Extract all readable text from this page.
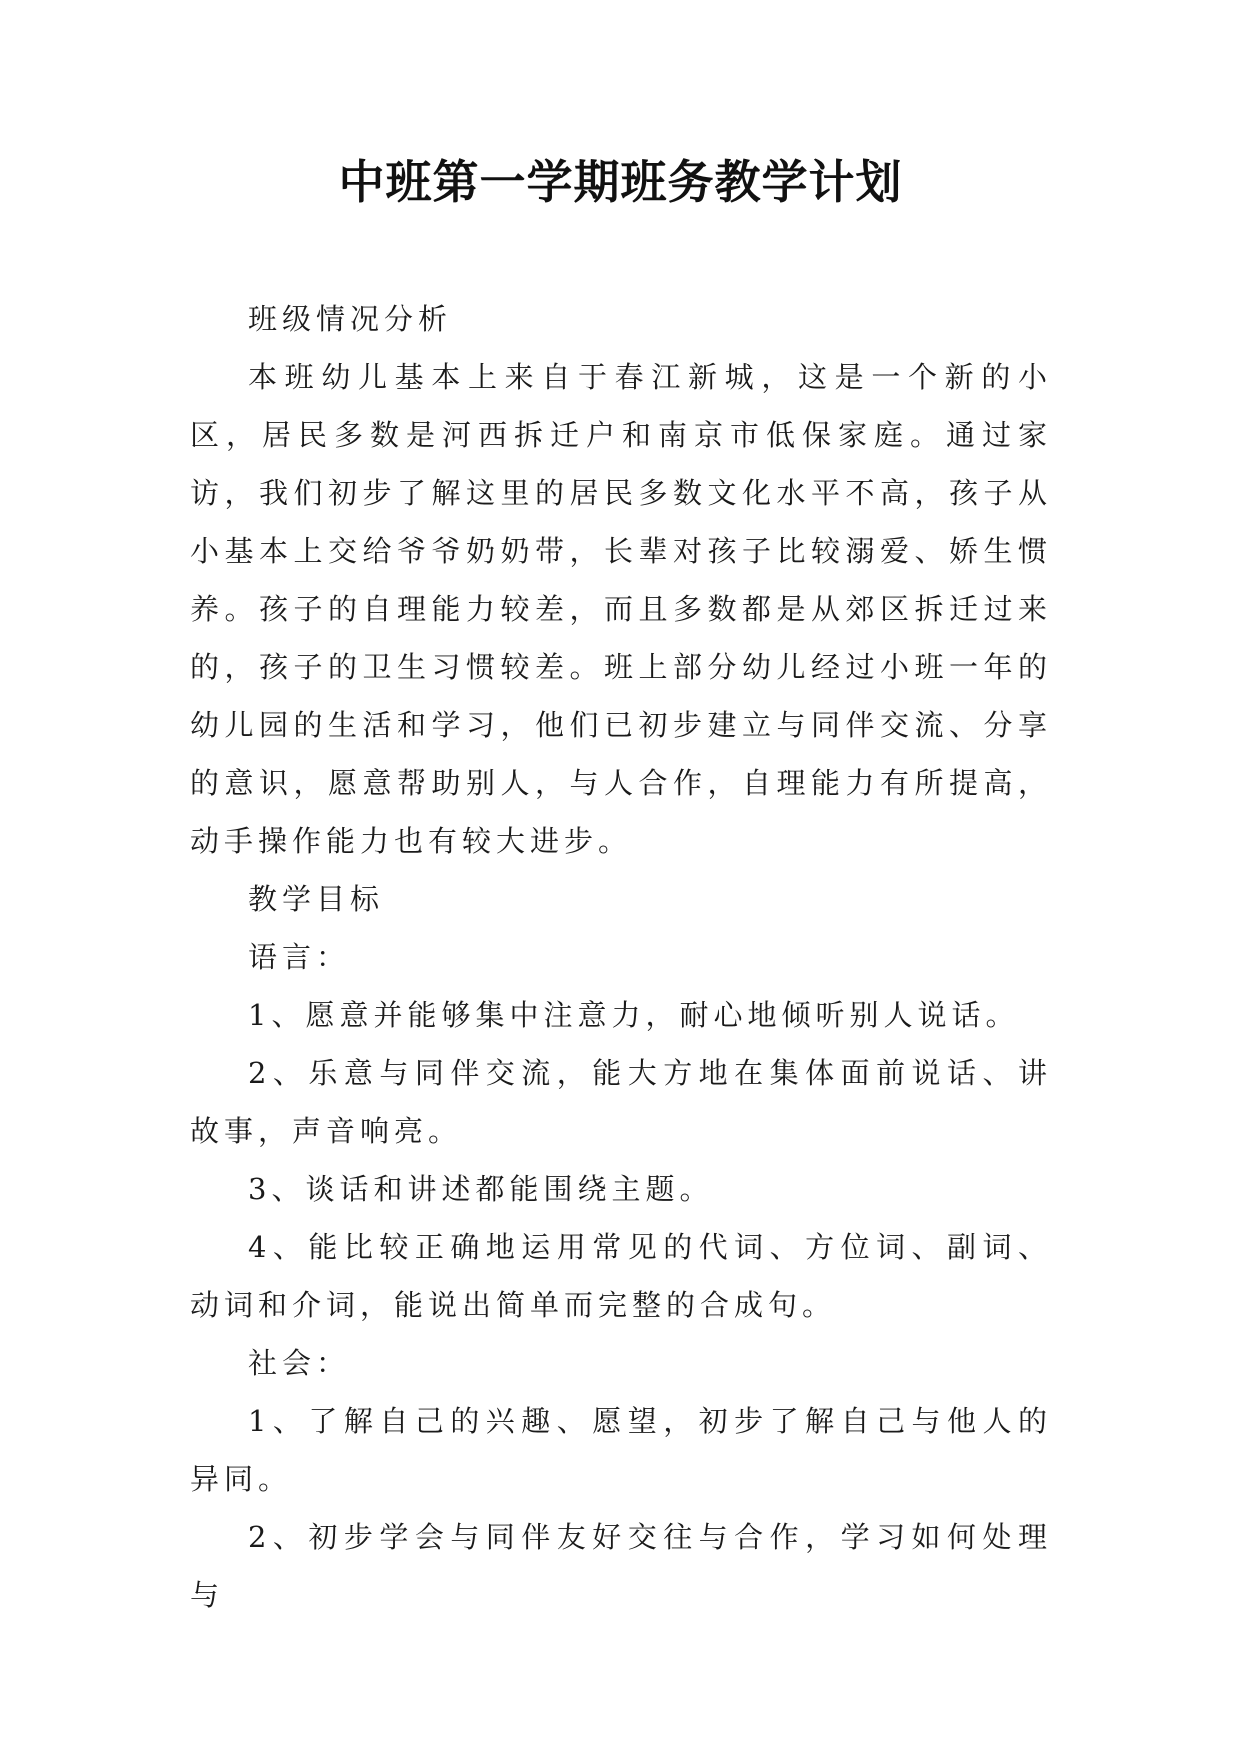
中班第一学期班务教学计划

班级情况分析

本班幼儿基本上来自于春江新城，这是一个新的小区，居民多数是河西拆迁户和南京市低保家庭。通过家访，我们初步了解这里的居民多数文化水平不高，孩子从小基本上交给爷爷奶奶带，长辈对孩子比较溺爱、娇生惯养。孩子的自理能力较差，而且多数都是从郊区拆迁过来的，孩子的卫生习惯较差。班上部分幼儿经过小班一年的幼儿园的生活和学习，他们已初步建立与同伴交流、分享的意识，愿意帮助别人，与人合作，自理能力有所提高，动手操作能力也有较大进步。

教学目标

语言：

1、愿意并能够集中注意力，耐心地倾听别人说话。

2、乐意与同伴交流，能大方地在集体面前说话、讲故事，声音响亮。

3、谈话和讲述都能围绕主题。

4、能比较正确地运用常见的代词、方位词、副词、动词和介词，能说出简单而完整的合成句。

社会：

1、了解自己的兴趣、愿望，初步了解自己与他人的异同。

2、初步学会与同伴友好交往与合作，学习如何处理与
